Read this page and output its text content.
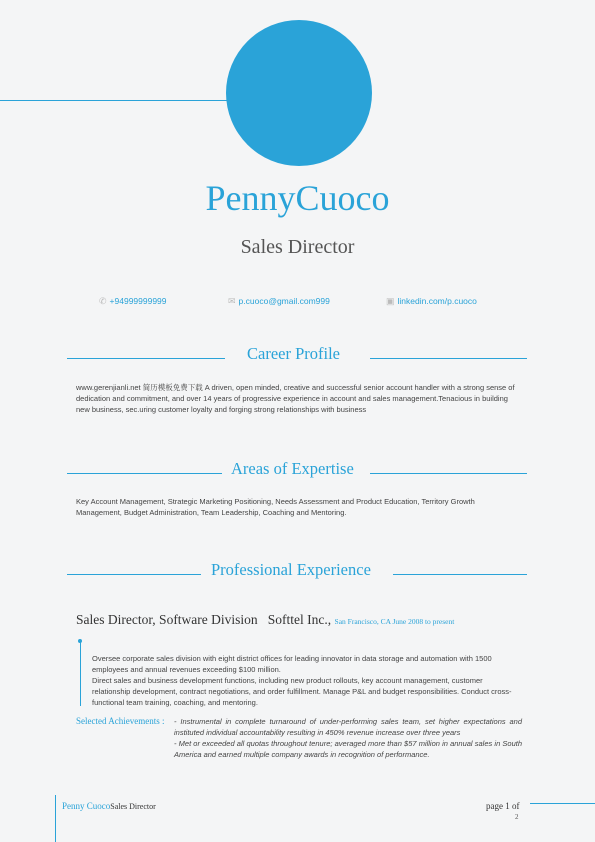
PennyCuoco
Sales Director
✆ +94999999999	✉ p.cuoco@gmail.com999	▣ linkedin.com/p.cuoco
Career Profile
www.gerenjianli.net 简历模板免费下载 A driven, open minded, creative and successful senior account handler with a strong sense of dedication and commitment, and over 14 years of progressive experience in account and sales management.Tenacious in building new business, sec.uring customer loyalty and forging strong relationships with business
Areas of Expertise
Key Account Management, Strategic Marketing Positioning, Needs Assessment and Product Education, Territory Growth Management, Budget Administration, Team Leadership, Coaching and Mentoring.
Professional Experience
Sales Director, Software Division Softtel Inc., San Francisco, CA June 2008 to present
Oversee corporate sales division with eight district offices for leading innovator in data storage and automation with 1500 employees and annual revenues exceeding $100 million.
Direct sales and business development functions, including new product rollouts, key account management, customer relationship development, contract negotiations, and order fulfillment. Manage P&L and budget responsibilities. Conduct cross-functional team training, coaching, and mentoring.
Selected Achievements : - Instrumental in complete turnaround of under-performing sales team, set higher expectations and instituted individual accountability resulting in 450% revenue increase over three years
- Met or exceeded all quotas throughout tenure; averaged more than $57 million in annual sales in South America and earned multiple company awards in recognition of performance.
Penny CuocoSales Director	page 1 of
2
